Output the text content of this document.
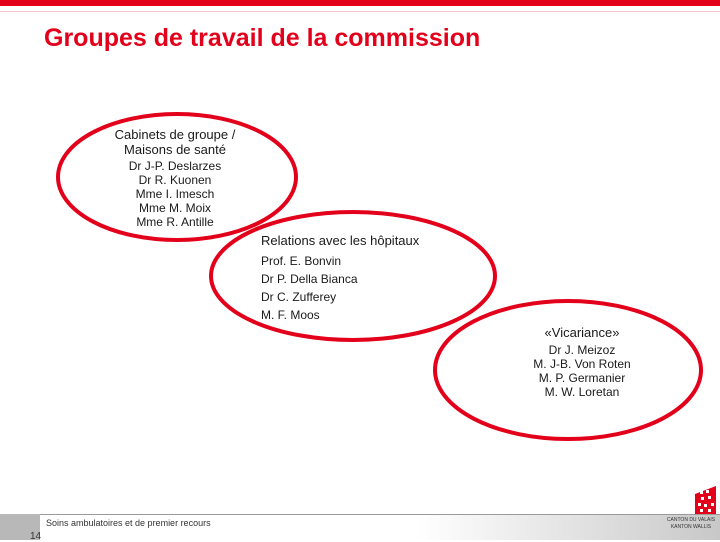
Groupes de travail de la commission
Cabinets de groupe /
Maisons de santé
Dr J-P. Deslarzes
Dr R. Kuonen
Mme I. Imesch
Mme M. Moix
Mme R. Antille
Relations avec les hôpitaux
Prof. E. Bonvin
Dr P. Della Bianca
Dr C. Zufferey
M. F. Moos
«Vicariance»
Dr J. Meizoz
M. J-B. Von Roten
M. P. Germanier
M. W. Loretan
14
Soins ambulatoires et de premier recours	CANTON DU VALAIS
KANTON WALLIS
